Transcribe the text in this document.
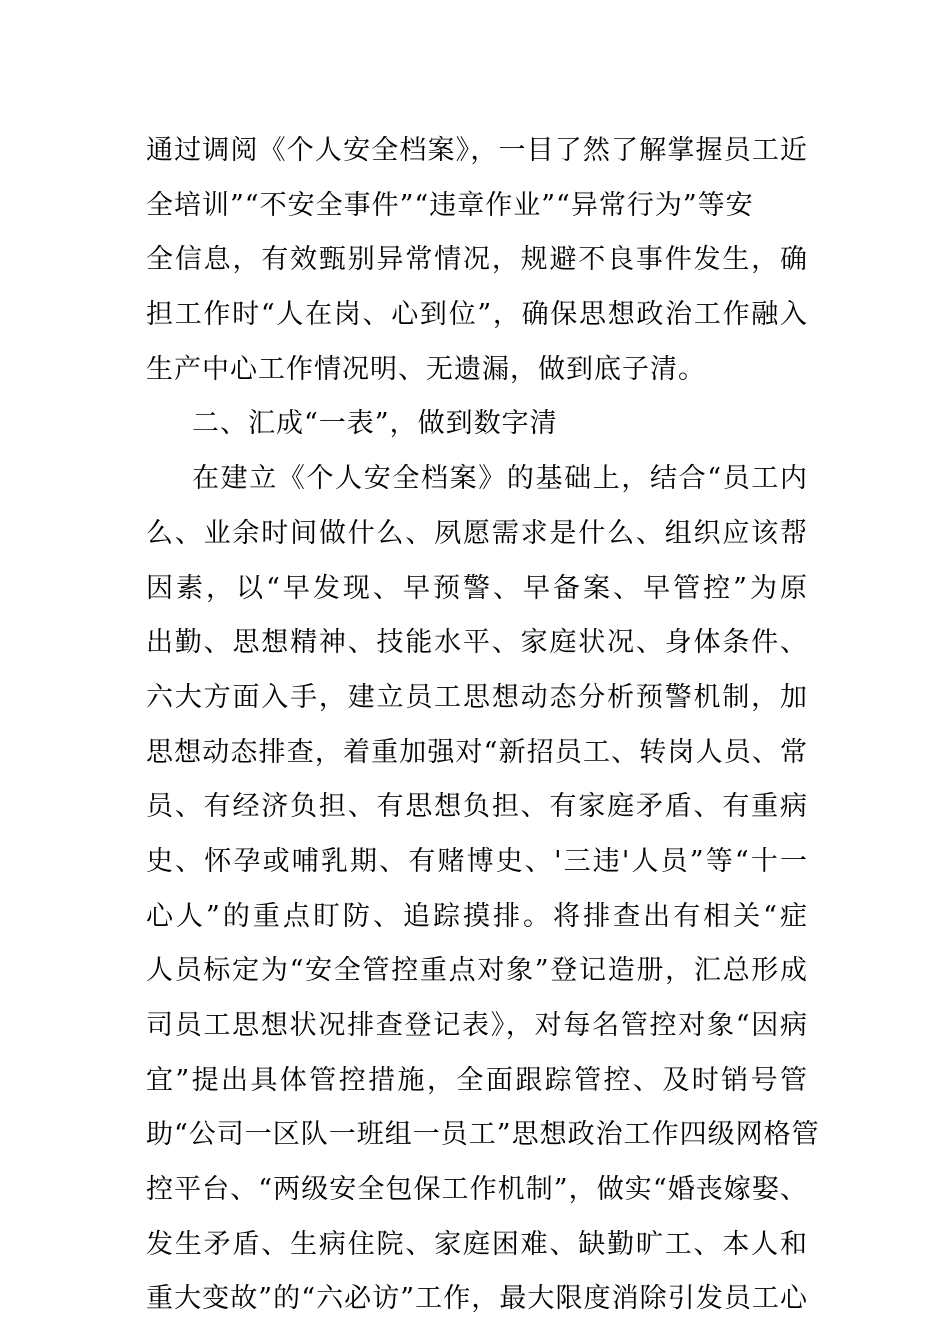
通过调阅《个人安全档案》，一目了然了解掌握员工近
全培训”“不安全事件”“违章作业”“异常行为”等安
全信息，有效甄别异常情况，规避不良事件发生，确
担工作时“人在岗、心到位”，确保思想政治工作融入
生产中心工作情况明、无遗漏，做到底子清。
二、汇成“一表”，做到数字清
在建立《个人安全档案》的基础上，结合“员工内
么、业余时间做什么、夙愿需求是什么、组织应该帮
因素，以“早发现、早预警、早备案、早管控”为原
出勤、思想精神、技能水平、家庭状况、身体条件、
六大方面入手，建立员工思想动态分析预警机制，加
思想动态排查，着重加强对“新招员工、转岗人员、常
员、有经济负担、有思想负担、有家庭矛盾、有重病
史、怀孕或哺乳期、有赌博史、'三违'人员”等“十一
心人”的重点盯防、追踪摸排。将排查出有相关“症
人员标定为“安全管控重点对象”登记造册，汇总形成
司员工思想状况排查登记表》，对每名管控对象“因病
宜”提出具体管控措施，全面跟踪管控、及时销号管
助“公司一区队一班组一员工”思想政治工作四级网格管
控平台、“两级安全包保工作机制”，做实“婚丧嫁娶、
发生矛盾、生病住院、家庭困难、缺勤旷工、本人和
重大变故”的“六必访”工作，最大限度消除引发员工心
